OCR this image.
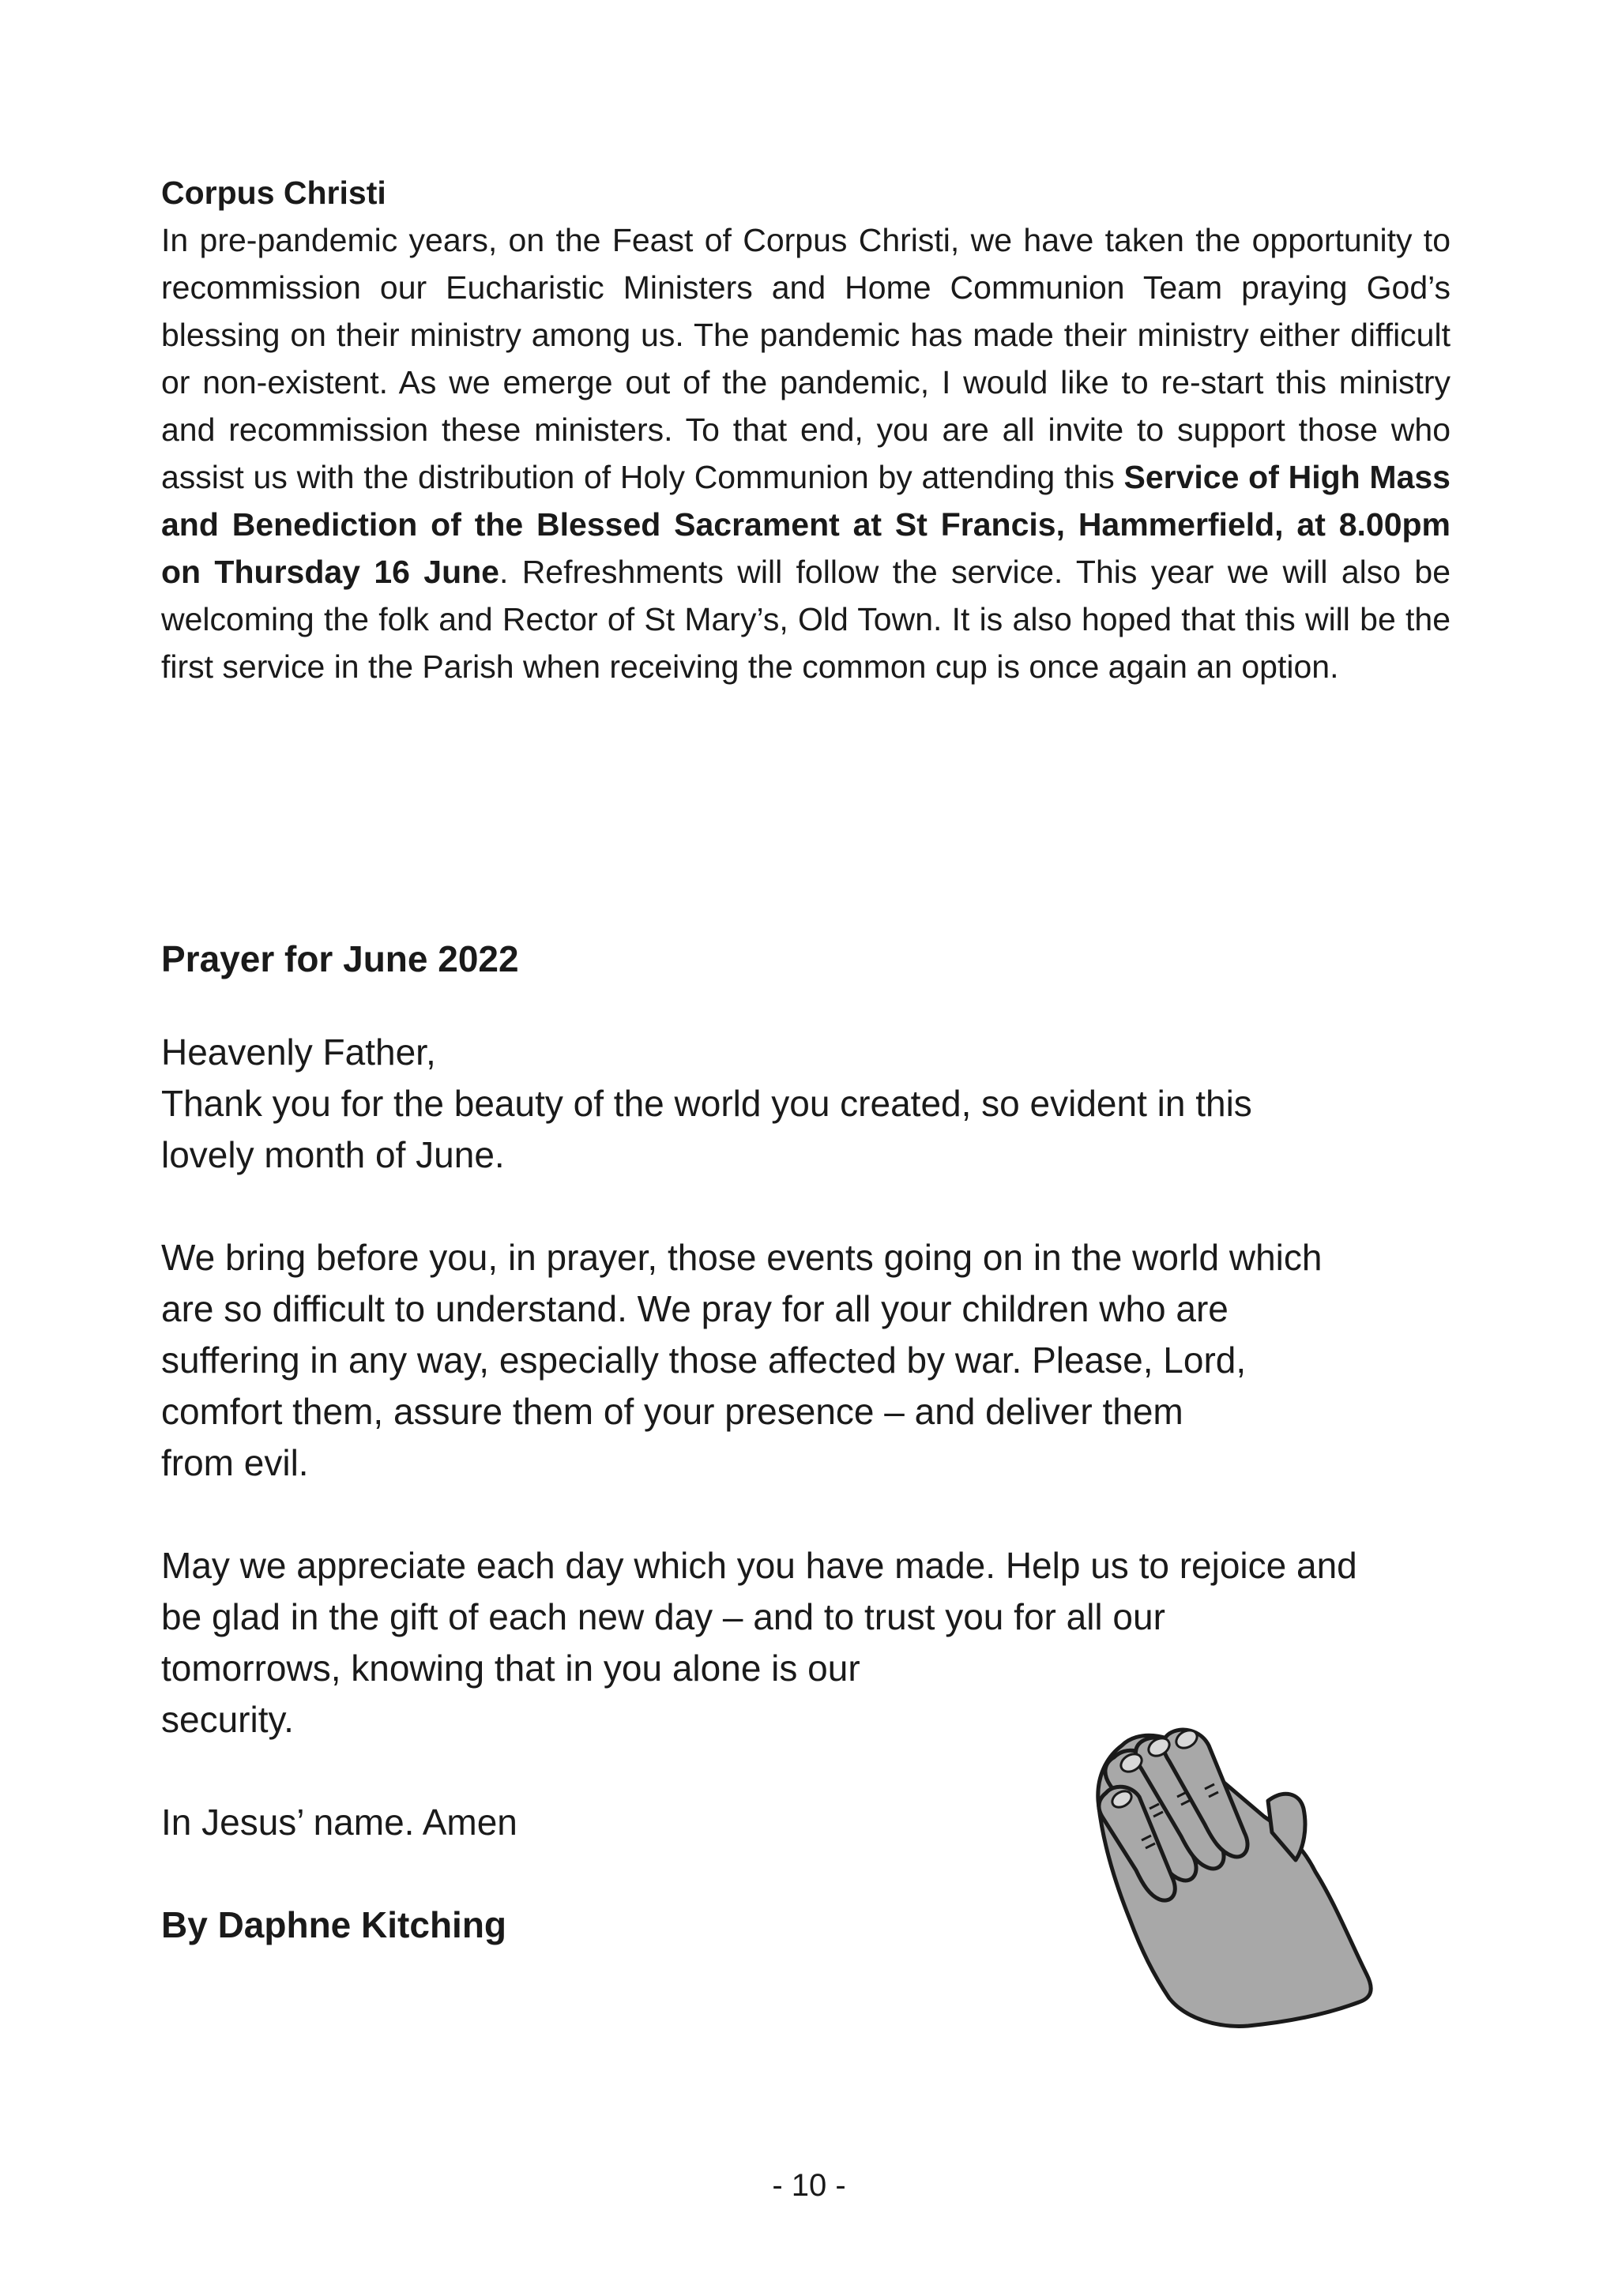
Corpus Christi

In pre-pandemic years, on the Feast of Corpus Christi, we have taken the opportunity to recommission our Eucharistic Ministers and Home Communion Team praying God’s blessing on their ministry among us. The pandemic has made their ministry either difficult or non-existent. As we emerge out of the pandemic, I would like to re-start this ministry and recommission these ministers. To that end, you are all invite to support those who assist us with the distribution of Holy Communion by attending this Service of High Mass and Benediction of the Blessed Sacrament at St Francis, Hammerfield, at 8.00pm on Thursday 16 June. Refreshments will follow the service. This year we will also be welcoming the folk and Rector of St Mary’s, Old Town. It is also hoped that this will be the first service in the Parish when receiving the common cup is once again an option.

Prayer for June 2022

Heavenly Father,

Thank you for the beauty of the world you created, so evident in this

lovely month of June.

We bring before you, in prayer, those events going on in the world which

are so difficult to understand. We pray for all your children who are

suffering in any way, especially those affected by war. Please, Lord,

comfort them, assure them of your presence – and deliver them

from evil.

May we appreciate each day which you have made. Help us to rejoice and

be glad in the gift of each new day – and to trust you for all our

tomorrows, knowing that in you alone is our

security.

In Jesus’ name. Amen

By Daphne Kitching

- 10 -
